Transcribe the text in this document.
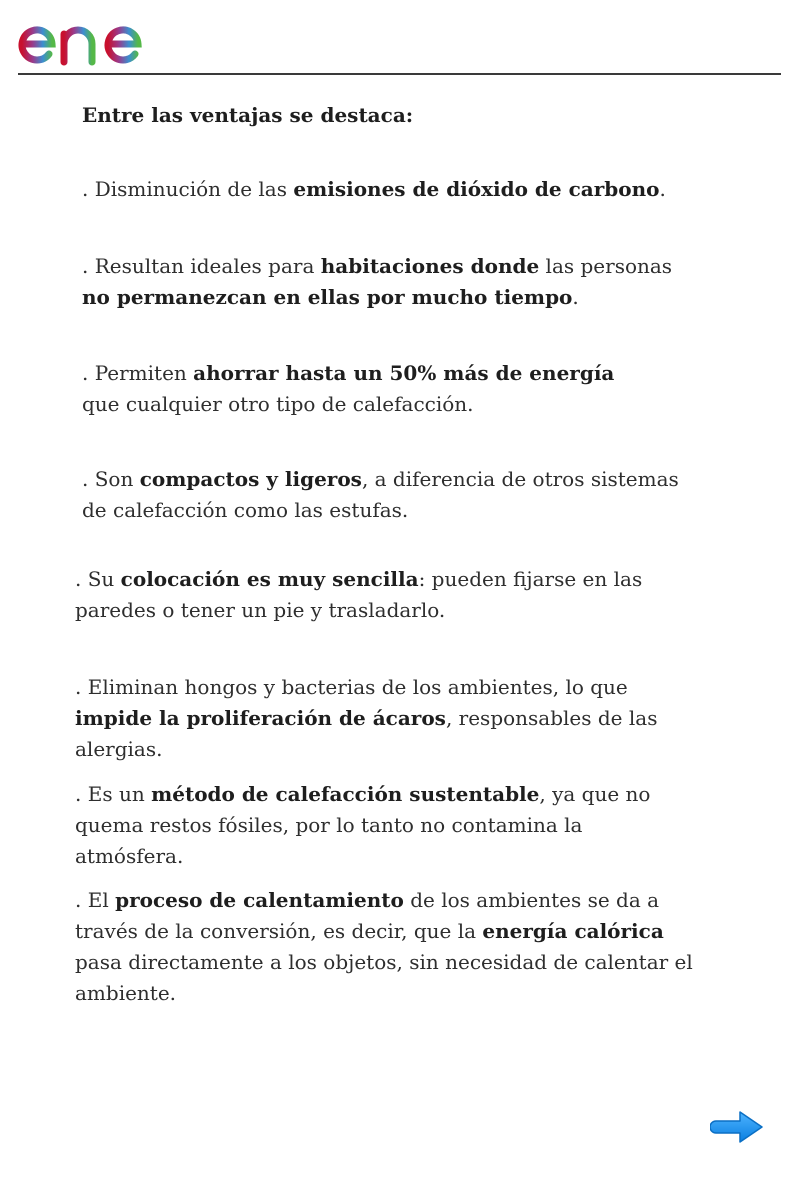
Entre las ventajas se destaca:

. Disminución de las emisiones de dióxido de carbono.

. Resultan ideales para habitaciones donde las personas no permanezcan en ellas por mucho tiempo.

. Permiten ahorrar hasta un 50% más de energía que cualquier otro tipo de calefacción.

. Son compactos y ligeros, a diferencia de otros sistemas de calefacción como las estufas.

. Su colocación es muy sencilla: pueden fijarse en las paredes o tener un pie y trasladarlo.

. Eliminan hongos y bacterias de los ambientes, lo que impide la proliferación de ácaros, responsables de las alergias.

. Es un método de calefacción sustentable, ya que no quema restos fósiles, por lo tanto no contamina la atmósfera.

. El proceso de calentamiento de los ambientes se da a través de la conversión, es decir, que la energía calórica pasa directamente a los objetos, sin necesidad de calentar el ambiente.
